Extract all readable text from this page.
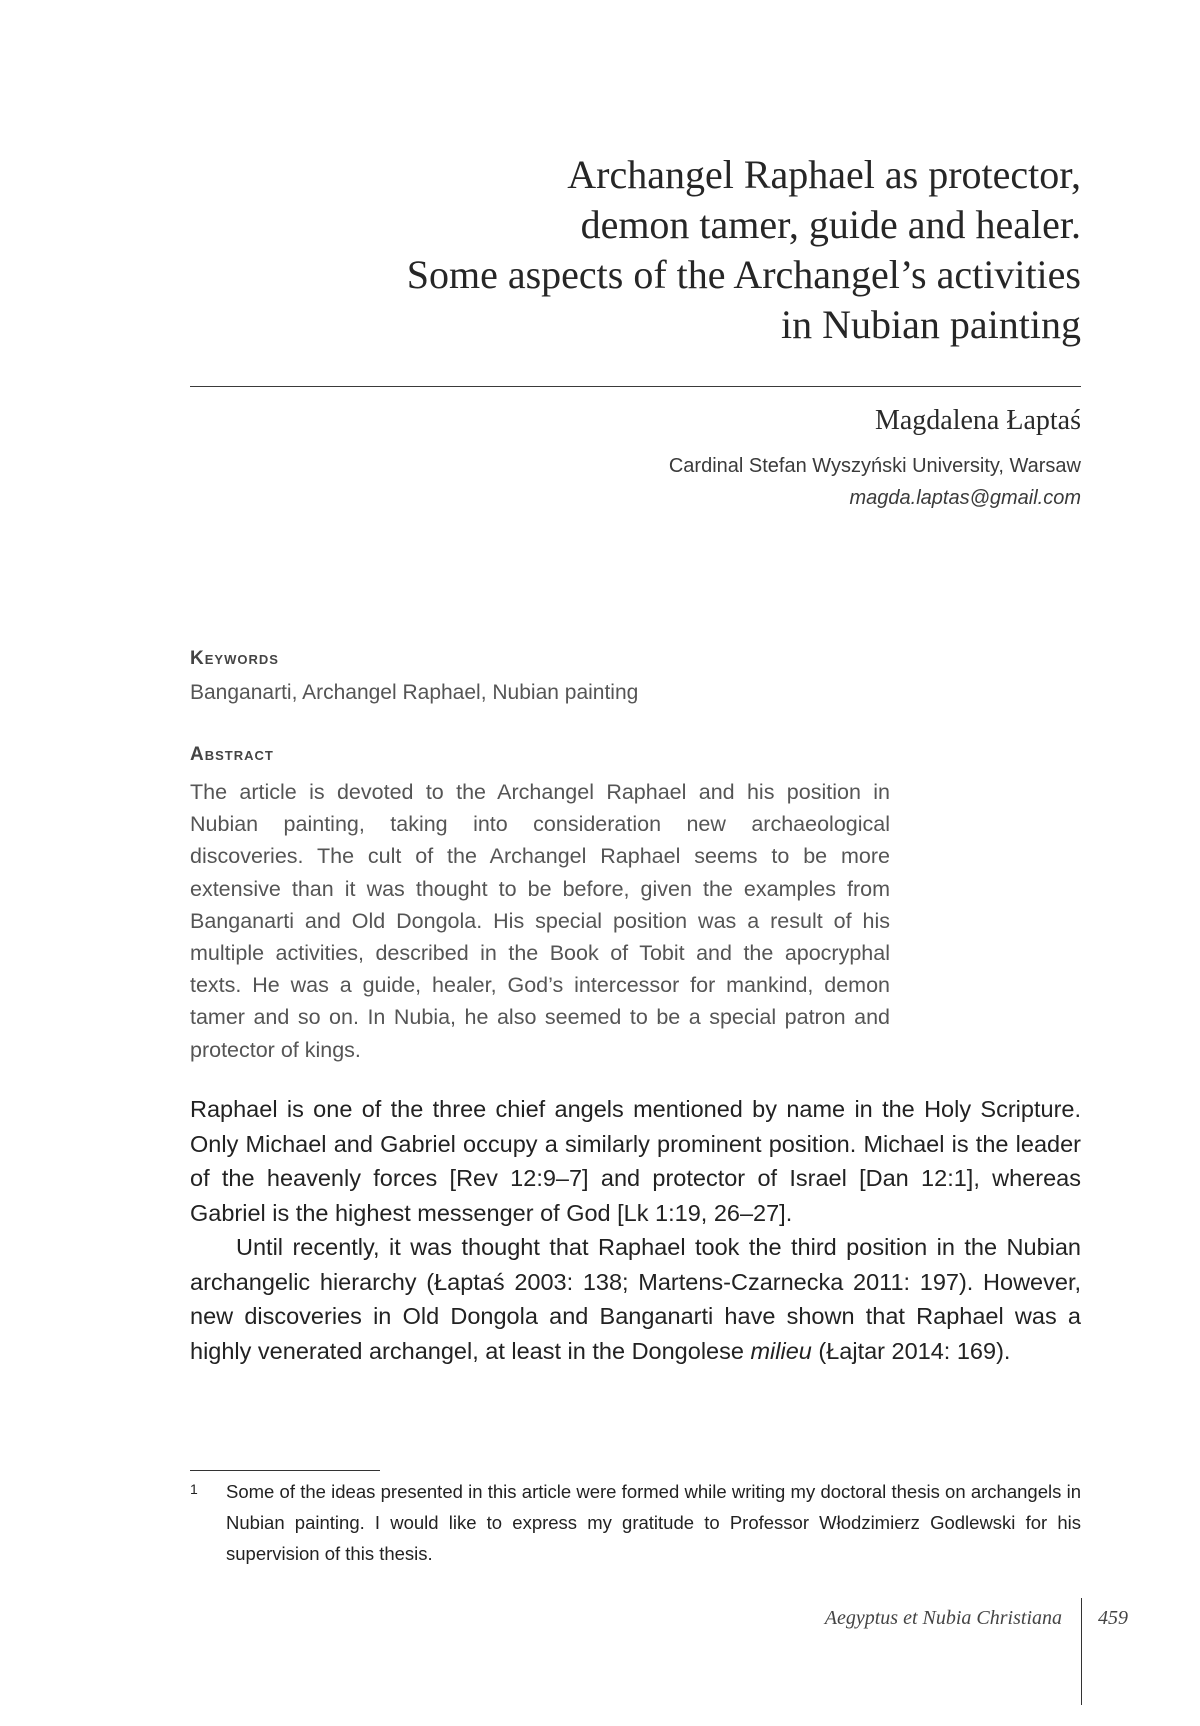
Archangel Raphael as protector,
demon tamer, guide and healer.
Some aspects of the Archangel’s activities
in Nubian painting
Magdalena Łaptaś
Cardinal Stefan Wyszyński University, Warsaw
magda.laptas@gmail.com
Keywords
Banganarti, Archangel Raphael, Nubian painting
Abstract

The article is devoted to the Archangel Raphael and his position in Nubian painting, taking into consideration new archaeological discoveries. The cult of the Archangel Raphael seems to be more extensive than it was thought to be before, given the examples from Banganarti and Old Dongola. His special position was a result of his multiple activities, described in the Book of Tobit and the apocryphal texts. He was a guide, healer, God’s intercessor for mankind, demon tamer and so on. In Nubia, he also seemed to be a special patron and protector of kings.

Raphael is one of the three chief angels mentioned by name in the Holy Scripture. Only Michael and Gabriel occupy a similarly prominent position. Michael is the leader of the heavenly forces [Rev 12:9–7] and protector of Israel [Dan 12:1], whereas Gabriel is the highest messenger of God [Lk 1:19, 26–27].

Until recently, it was thought that Raphael took the third position in the Nubian archangelic hierarchy (Łaptaś 2003: 138; Martens-Czarnecka 2011: 197). However, new discoveries in Old Dongola and Banganarti have shown that Raphael was a highly venerated archangel, at least in the Dongolese milieu (Łajtar 2014: 169).

1 Some of the ideas presented in this article were formed while writing my doctoral thesis on archangels in Nubian painting. I would like to express my gratitude to Professor Włodzimierz Godlewski for his supervision of this thesis.
Aegyptus et Nubia Christiana 459
